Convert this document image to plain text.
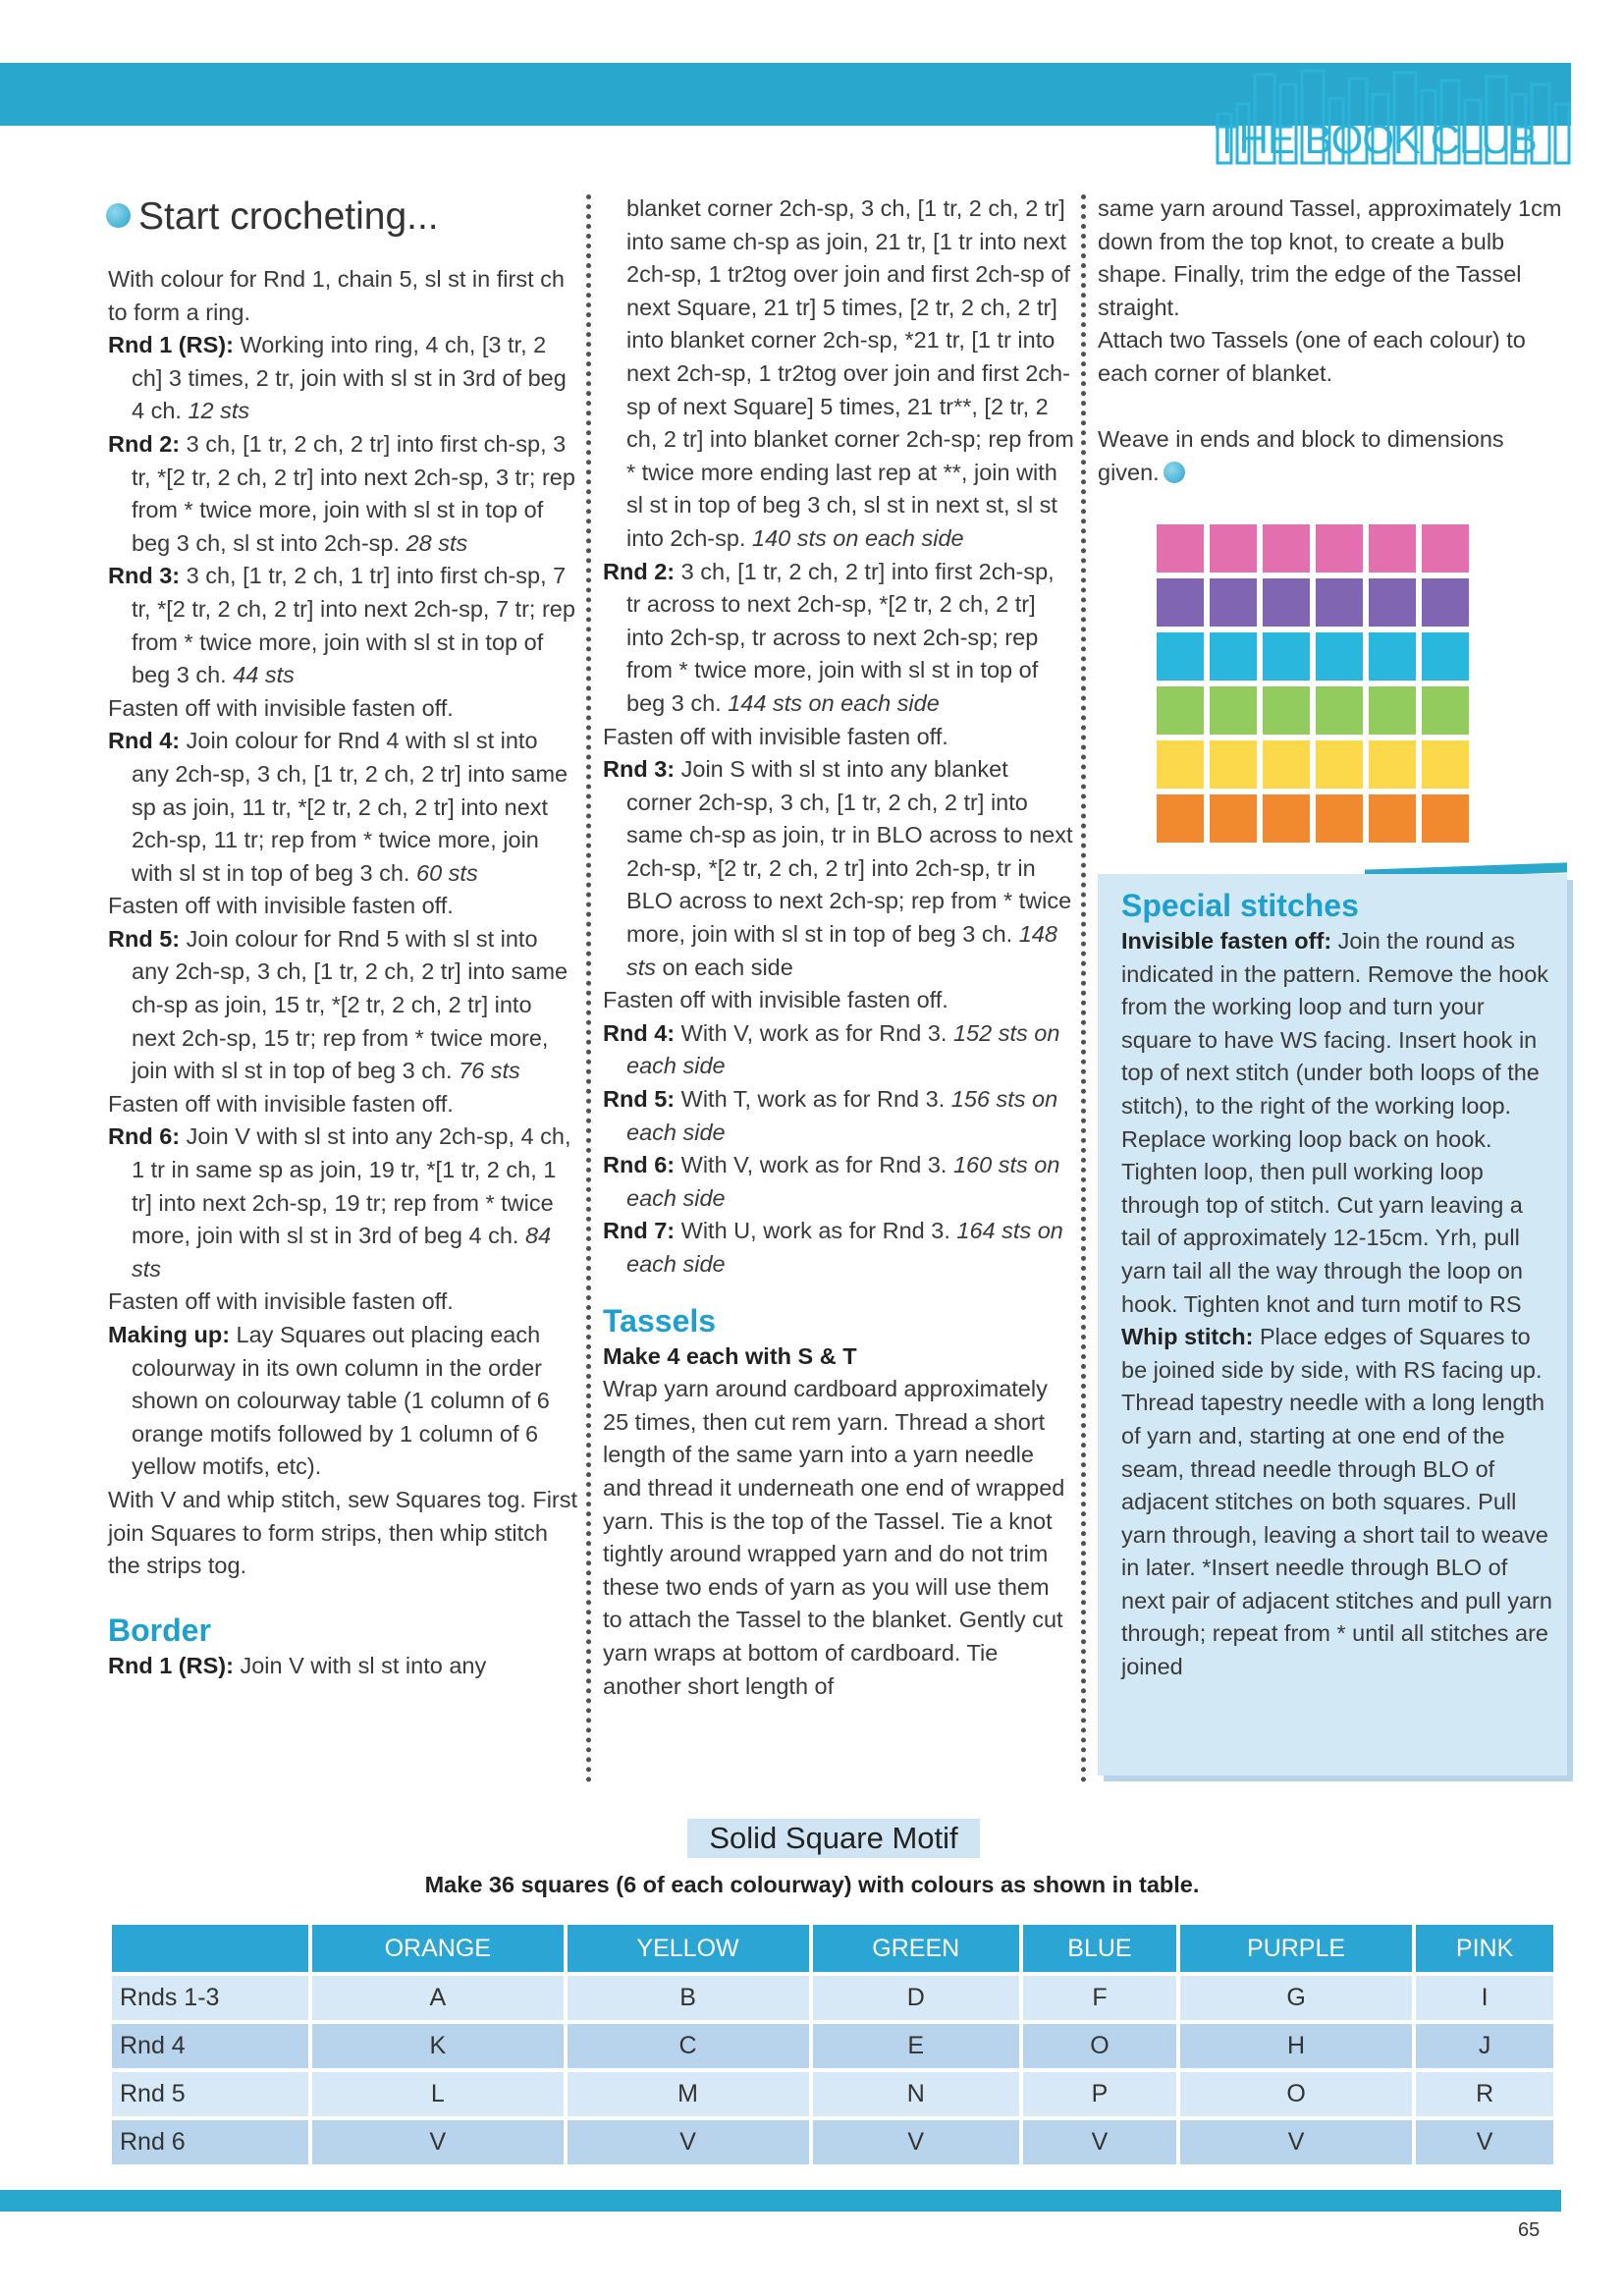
THE BOOK CLUB

Start crocheting...

With colour for Rnd 1, chain 5, sl st in first ch to form a ring.

Rnd 1 (RS): Working into ring, 4 ch, [3 tr, 2 ch] 3 times, 2 tr, join with sl st in 3rd of beg 4 ch. 12 sts

Rnd 2: 3 ch, [1 tr, 2 ch, 2 tr] into first ch-sp, 3 tr, *[2 tr, 2 ch, 2 tr] into next 2ch-sp, 3 tr; rep from * twice more, join with sl st in top of beg 3 ch, sl st into 2ch-sp. 28 sts

Rnd 3: 3 ch, [1 tr, 2 ch, 1 tr] into first ch-sp, 7 tr, *[2 tr, 2 ch, 2 tr] into next 2ch-sp, 7 tr; rep from * twice more, join with sl st in top of beg 3 ch. 44 sts

Fasten off with invisible fasten off.

Rnd 4: Join colour for Rnd 4 with sl st into any 2ch-sp, 3 ch, [1 tr, 2 ch, 2 tr] into same sp as join, 11 tr, *[2 tr, 2 ch, 2 tr] into next 2ch-sp, 11 tr; rep from * twice more, join with sl st in top of beg 3 ch. 60 sts

Fasten off with invisible fasten off.

Rnd 5: Join colour for Rnd 5 with sl st into any 2ch-sp, 3 ch, [1 tr, 2 ch, 2 tr] into same ch-sp as join, 15 tr, *[2 tr, 2 ch, 2 tr] into next 2ch-sp, 15 tr; rep from * twice more, join with sl st in top of beg 3 ch. 76 sts

Fasten off with invisible fasten off.

Rnd 6: Join V with sl st into any 2ch-sp, 4 ch, 1 tr in same sp as join, 19 tr, *[1 tr, 2 ch, 1 tr] into next 2ch-sp, 19 tr; rep from * twice more, join with sl st in 3rd of beg 4 ch. 84 sts

Fasten off with invisible fasten off.

Making up: Lay Squares out placing each colourway in its own column in the order shown on colourway table (1 column of 6 orange motifs followed by 1 column of 6 yellow motifs, etc).

With V and whip stitch, sew Squares tog. First join Squares to form strips, then whip stitch the strips tog.

Border

Rnd 1 (RS): Join V with sl st into any

blanket corner 2ch-sp, 3 ch, [1 tr, 2 ch, 2 tr] into same ch-sp as join, 21 tr, [1 tr into next 2ch-sp, 1 tr2tog over join and first 2ch-sp of next Square, 21 tr] 5 times, [2 tr, 2 ch, 2 tr] into blanket corner 2ch-sp, *21 tr, [1 tr into next 2ch-sp, 1 tr2tog over join and first 2ch-sp of next Square] 5 times, 21 tr**, [2 tr, 2 ch, 2 tr] into blanket corner 2ch-sp; rep from * twice more ending last rep at **, join with sl st in top of beg 3 ch, sl st in next st, sl st into 2ch-sp. 140 sts on each side

Rnd 2: 3 ch, [1 tr, 2 ch, 2 tr] into first 2ch-sp, tr across to next 2ch-sp, *[2 tr, 2 ch, 2 tr] into 2ch-sp, tr across to next 2ch-sp; rep from * twice more, join with sl st in top of beg 3 ch. 144 sts on each side

Fasten off with invisible fasten off.

Rnd 3: Join S with sl st into any blanket corner 2ch-sp, 3 ch, [1 tr, 2 ch, 2 tr] into same ch-sp as join, tr in BLO across to next 2ch-sp, *[2 tr, 2 ch, 2 tr] into 2ch-sp, tr in BLO across to next 2ch-sp; rep from * twice more, join with sl st in top of beg 3 ch. 148 sts on each side

Fasten off with invisible fasten off.

Rnd 4: With V, work as for Rnd 3. 152 sts on each side

Rnd 5: With T, work as for Rnd 3. 156 sts on each side

Rnd 6: With V, work as for Rnd 3. 160 sts on each side

Rnd 7: With U, work as for Rnd 3. 164 sts on each side

Tassels

Make 4 each with S & T

Wrap yarn around cardboard approximately 25 times, then cut rem yarn. Thread a short length of the same yarn into a yarn needle and thread it underneath one end of wrapped yarn. This is the top of the Tassel. Tie a knot tightly around wrapped yarn and do not trim these two ends of yarn as you will use them to attach the Tassel to the blanket. Gently cut yarn wraps at bottom of cardboard. Tie another short length of

same yarn around Tassel, approximately 1cm down from the top knot, to create a bulb shape. Finally, trim the edge of the Tassel straight.

Attach two Tassels (one of each colour) to each corner of blanket.

Weave in ends and block to dimensions given.

Special stitches

Invisible fasten off: Join the round as indicated in the pattern. Remove the hook from the working loop and turn your square to have WS facing. Insert hook in top of next stitch (under both loops of the stitch), to the right of the working loop. Replace working loop back on hook. Tighten loop, then pull working loop through top of stitch. Cut yarn leaving a tail of approximately 12-15cm. Yrh, pull yarn tail all the way through the loop on hook. Tighten knot and turn motif to RS

Whip stitch: Place edges of Squares to be joined side by side, with RS facing up. Thread tapestry needle with a long length of yarn and, starting at one end of the seam, thread needle through BLO of adjacent stitches on both squares. Pull yarn through, leaving a short tail to weave in later. *Insert needle through BLO of next pair of adjacent stitches and pull yarn through; repeat from * until all stitches are joined

Solid Square Motif
Make 36 squares (6 of each colourway) with colours as shown in table.
	ORANGE	YELLOW	GREEN	BLUE	PURPLE	PINK
Rnds 1-3	A	B	D	F	G	I
Rnd 4	K	C	E	O	H	J
Rnd 5	L	M	N	P	O	R
Rnd 6	V	V	V	V	V	V
65
